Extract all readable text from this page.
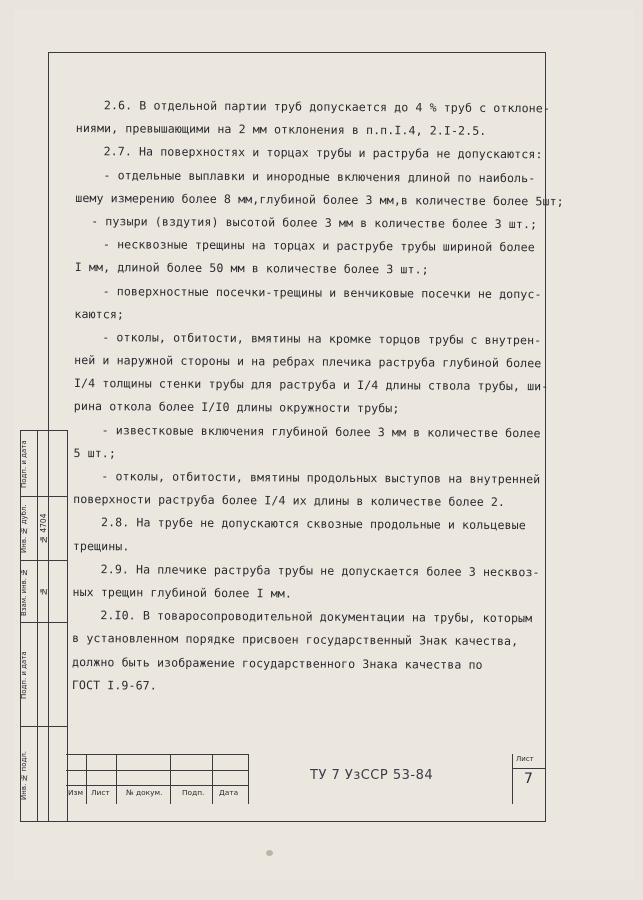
2.6. В отдельной партии труб допускается до 4 % труб с отклоне-
ниями, превышающими на 2 мм отклонения в п.п.I.4, 2.I-2.5.
2.7. На поверхностях и торцах трубы и раструба не допускаются:
- отдельные выплавки и инородные включения длиной по наиболь-
шему измерению более 8 мм,глубиной более 3 мм,в количестве более 5шт;
- пузыри (вздутия) высотой более 3 мм в количестве более 3 шт.;
- несквозные трещины на торцах и раструбе трубы шириной более
I мм, длиной более 50 мм в количестве более 3 шт.;
- поверхностные посечки-трещины и венчиковые посечки не допус-
каются;
- отколы, отбитости, вмятины на кромке торцов трубы с внутрен-
ней и наружной стороны и на ребрах плечика раструба глубиной более
I/4 толщины стенки трубы для раструба и I/4 длины ствола трубы, ши-
рина откола более I/I0 длины окружности трубы;
- известковые включения глубиной более 3 мм в количестве более
5 шт.;
- отколы, отбитости, вмятины продольных выступов на внутренней
поверхности раструба более I/4 их длины в количестве более 2.
2.8. На трубе не допускаются сквозные продольные и кольцевые
трещины.
2.9. На плечике раструба трубы не допускается более 3 несквоз-
ных трещин глубиной более I мм.
2.I0. В товаросопроводительной документации на трубы, которым
в установленном порядке присвоен государственный Знак качества,
должно быть изображение государственного Знака качества по
ГОСТ I.9-67.
Подп. и дата
Инв. № дубл.	№ 4704
Взам. инв. №	№
Подп. и дата
Инв. № подл.	Изм Лист № докум.	Подп. Дата
ТУ 7 УзССР 53-84
Лист
7
